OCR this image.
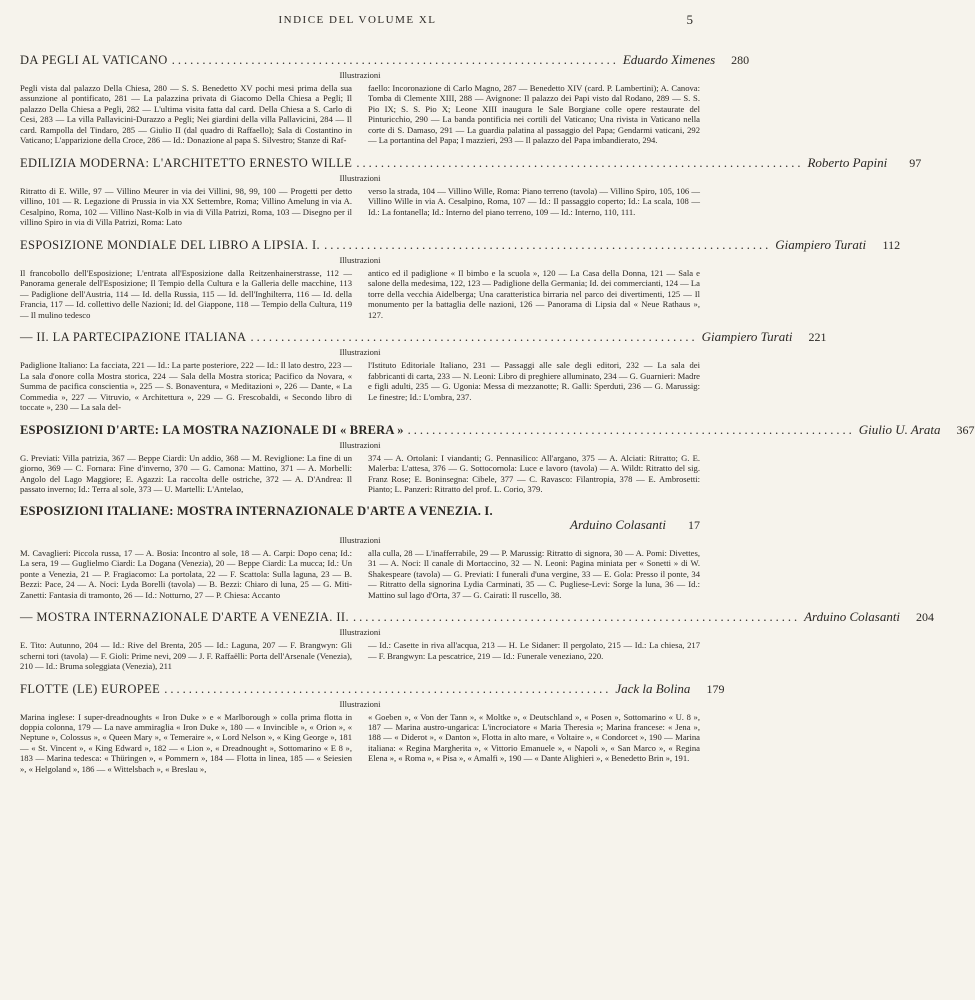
INDICE DEL VOLUME XL	5
DA PEGLI AL VATICANO ......................................................................... Eduardo Ximenes	280
Illustrazioni

Pegli vista dal palazzo Della Chiesa, 280 — S. S. Benedetto XV pochi mesi prima della sua assunzione al pontificato, 281 — La palazzina privata di Giacomo Della Chiesa a Pegli; Il palazzo Della Chiesa a Pegli, 282 — L'ultima visita fatta dal card. Della Chiesa a S. Carlo di Cesi, 283 — La villa Pallavicini-Durazzo a Pegli; Nei giardini della villa Pallavicini, 284 — Il card. Rampolla del Tindaro, 285 — Giulio II (dal quadro di Raffaello); Sala di Costantino in Vaticano; L'apparizione della Croce, 286 — Id.: Donazione al papa S. Silvestro; Stanze di Raf-

faello: Incoronazione di Carlo Magno, 287 — Benedetto XIV (card. P. Lambertini); A. Canova: Tomba di Clemente XIII, 288 — Avignone: Il palazzo dei Papi visto dal Rodano, 289 — S. S. Pio IX; S. S. Pio X; Leone XIII inaugura le Sale Borgiane colle opere restaurate del Pinturicchio, 290 — La banda pontificia nei cortili del Vaticano; Una rivista in Vaticano nella corte di S. Damaso, 291 — La guardia palatina al passaggio del Papa; Gendarmi vaticani, 292 — La portantina del Papa; I mazzieri, 293 — Il palazzo del Papa imbandierato, 294.

EDILIZIA MODERNA: L'ARCHITETTO ERNESTO WILLE ......................................................................... Roberto Papini	97
Illustrazioni

Ritratto di E. Wille, 97 — Villino Meurer in via dei Villini, 98, 99, 100 — Progetti per detto villino, 101 — R. Legazione di Prussia in via XX Settembre, Roma; Villino Amelung in via A. Cesalpino, Roma, 102 — Villino Nast-Kolb in via di Villa Patrizi, Roma, 103 — Disegno per il villino Spiro in via di Villa Patrizi, Roma: Lato

verso la strada, 104 — Villino Wille, Roma: Piano terreno (tavola) — Villino Spiro, 105, 106 — Villino Wille in via A. Cesalpino, Roma, 107 — Id.: Il passaggio coperto; Id.: La scala, 108 — Id.: La fontanella; Id.: Interno del piano terreno, 109 — Id.: Interno, 110, 111.

ESPOSIZIONE MONDIALE DEL LIBRO A LIPSIA. I. ......................................................................... Giampiero Turati	112
Illustrazioni

Il francobollo dell'Esposizione; L'entrata all'Esposizione dalla Reitzenhainerstrasse, 112 — Panorama generale dell'Esposizione; Il Tempio della Cultura e la Galleria delle macchine, 113 — Padiglione dell'Austria, 114 — Id. della Russia, 115 — Id. dell'Inghilterra, 116 — Id. della Francia, 117 — Id. collettivo delle Nazioni; Id. del Giappone, 118 — Tempio della Cultura, 119 — Il mulino tedesco

antico ed il padiglione « Il bimbo e la scuola », 120 — La Casa della Donna, 121 — Sala e salone della medesima, 122, 123 — Padiglione della Germania; Id. dei commercianti, 124 — La torre della vecchia Aidelberga; Una caratteristica birraria nel parco dei divertimenti, 125 — Il monumento per la battaglia delle nazioni, 126 — Panorama di Lipsia dal « Neue Rathaus », 127.

— II. LA PARTECIPAZIONE ITALIANA ......................................................................... Giampiero Turati	221
Illustrazioni

Padiglione Italiano: La facciata, 221 — Id.: La parte posteriore, 222 — Id.: Il lato destro, 223 — La sala d'onore colla Mostra storica, 224 — Sala della Mostra storica; Pacifico da Novara, « Summa de pacifica conscientia », 225 — S. Bonaventura, « Meditazioni », 226 — Dante, « La Commedia », 227 — Vitruvio, « Architettura », 229 — G. Frescobaldi, « Secondo libro di toccate », 230 — La sala del-

l'Istituto Editoriale Italiano, 231 — Passaggi alle sale degli editori, 232 — La sala dei fabbricanti di carta, 233 — N. Leoni: Libro di preghiere alluminato, 234 — G. Guarnieri: Madre e figli adulti, 235 — G. Ugonia: Messa di mezzanotte; R. Galli: Sperduti, 236 — G. Marussig: Le finestre; Id.: L'ombra, 237.

ESPOSIZIONI D'ARTE: LA MOSTRA NAZIONALE DI « BRERA » ......................................................................... Giulio U. Arata	367
Illustrazioni

G. Previati: Villa patrizia, 367 — Beppe Ciardi: Un addio, 368 — M. Reviglione: La fine di un giorno, 369 — C. Fornara: Fine d'inverno, 370 — G. Camona: Mattino, 371 — A. Morbelli: Angolo del Lago Maggiore; E. Agazzi: La raccolta delle ostriche, 372 — A. D'Andrea: Il passato inverno; Id.: Terra al sole, 373 — U. Martelli: L'Antelao,

374 — A. Ortolani: I viandanti; G. Pennasilico: All'argano, 375 — A. Alciati: Ritratto; G. E. Malerba: L'attesa, 376 — G. Sottocornola: Luce e lavoro (tavola) — A. Wildt: Ritratto del sig. Franz Rose; E. Boninsegna: Cibele, 377 — C. Ravasco: Filantropia, 378 — E. Ambrosetti: Pianto; L. Panzeri: Ritratto del prof. L. Corio, 379.

ESPOSIZIONI ITALIANE: MOSTRA INTERNAZIONALE D'ARTE A VENEZIA. I.
Arduino Colasanti	17
Illustrazioni

M. Cavaglieri: Piccola russa, 17 — A. Bosia: Incontro al sole, 18 — A. Carpi: Dopo cena; Id.: La sera, 19 — Guglielmo Ciardi: La Dogana (Venezia), 20 — Beppe Ciardi: La mucca; Id.: Un ponte a Venezia, 21 — P. Fragiacomo: La portolata, 22 — F. Scattola: Sulla laguna, 23 — B. Bezzi: Pace, 24 — A. Noci: Lyda Borelli (tavola) — B. Bezzi: Chiaro di luna, 25 — G. Miti-Zanetti: Fantasia di tramonto, 26 — Id.: Notturno, 27 — P. Chiesa: Accanto

alla culla, 28 — L'inafferrabile, 29 — P. Marussig: Ritratto di signora, 30 — A. Pomi: Divettes, 31 — A. Noci: Il canale di Mortaccino, 32 — N. Leoni: Pagina miniata per « Sonetti » di W. Shakespeare (tavola) — G. Previati: I funerali d'una vergine, 33 — E. Gola: Presso il ponte, 34 — Ritratto della signorina Lydia Carminati, 35 — C. Pugliese-Levi: Sorge la luna, 36 — Id.: Mattino sul lago d'Orta, 37 — G. Cairati: Il ruscello, 38.

— MOSTRA INTERNAZIONALE D'ARTE A VENEZIA. II. ......................................................................... Arduino Colasanti	204
Illustrazioni

E. Tito: Autunno, 204 — Id.: Rive del Brenta, 205 — Id.: Laguna, 207 — F. Brangwyn: Gli scherni tori (tavola) — F. Gioli: Prime nevi, 209 — J. F. Raffaëlli: Porta dell'Arsenale (Venezia), 210 — Id.: Bruma soleggiata (Venezia), 211

— Id.: Casette in riva all'acqua, 213 — H. Le Sidaner: Il pergolato, 215 — Id.: La chiesa, 217 — F. Brangwyn: La pescatrice, 219 — Id.: Funerale veneziano, 220.

FLOTTE (LE) EUROPEE ......................................................................... Jack la Bolina	179
Illustrazioni

Marina inglese: I super-dreadnoughts « Iron Duke » e « Marlborough » colla prima flotta in doppia colonna, 179 — La nave ammiraglia « Iron Duke », 180 — « Invincible », « Orion », « Neptune », Colossus », « Queen Mary », « Temeraire », « Lord Nelson », « King George », 181 — « St. Vincent », « King Edward », 182 — « Lion », « Dreadnought », Sottomarino « E 8 », 183 — Marina tedesca: « Thüringen », « Pommern », 184 — Flotta in linea, 185 — « Seiesien », « Helgoland », 186 — « Wittelsbach », « Breslau »,

« Goeben », « Von der Tann », « Moltke », « Deutschland », « Posen », Sottomarino « U. 8 », 187 — Marina austro-ungarica: L'incrociatore « Maria Theresia »; Marina francese: « Jena », 188 — « Diderot », « Danton », Flotta in alto mare, « Voltaire », « Condorcet », 190 — Marina italiana: « Regina Margherita », « Vittorio Emanuele », « Napoli », « San Marco », « Regina Elena », « Roma », « Pisa », « Amalfi », 190 — « Dante Alighieri », « Benedetto Brin », 191.
